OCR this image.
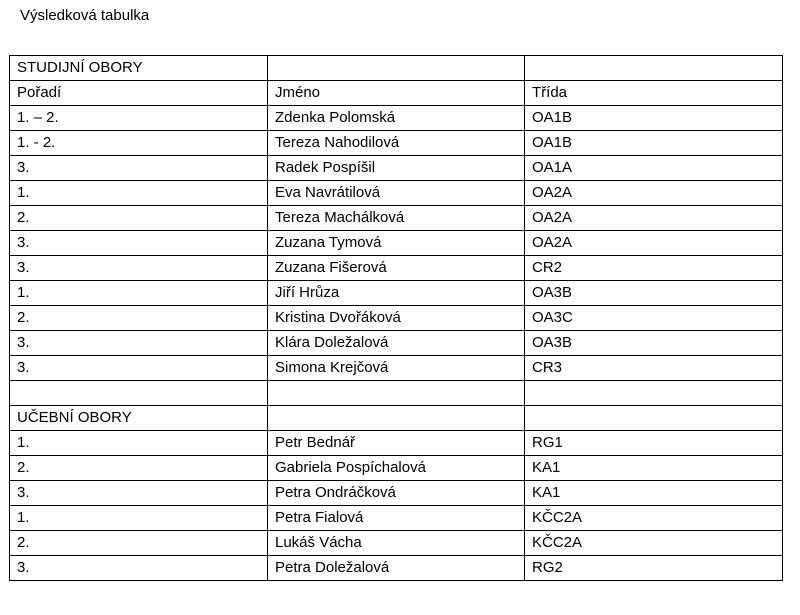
Výsledková tabulka
STUDIJNÍ OBORY		
Pořadí	Jméno	Třída
1. – 2.	Zdenka Polomská	OA1B
1. - 2.	Tereza Nahodilová	OA1B
3.	Radek Pospíšil	OA1A
1.	Eva Navrátilová	OA2A
2.	Tereza Machálková	OA2A
3.	Zuzana Tymová	OA2A
3.	Zuzana Fišerová	CR2
1.	Jiří Hrůza	OA3B
2.	Kristina Dvořáková	OA3C
3.	Klára Doležalová	OA3B
3.	Simona Krejčová	CR3

UČEBNÍ OBORY		
1.	Petr Bednář	RG1
2.	Gabriela Pospíchalová	KA1
3.	Petra Ondráčková	KA1
1.	Petra Fialová	KČC2A
2.	Lukáš Vácha	KČC2A
3.	Petra Doležalová	RG2
